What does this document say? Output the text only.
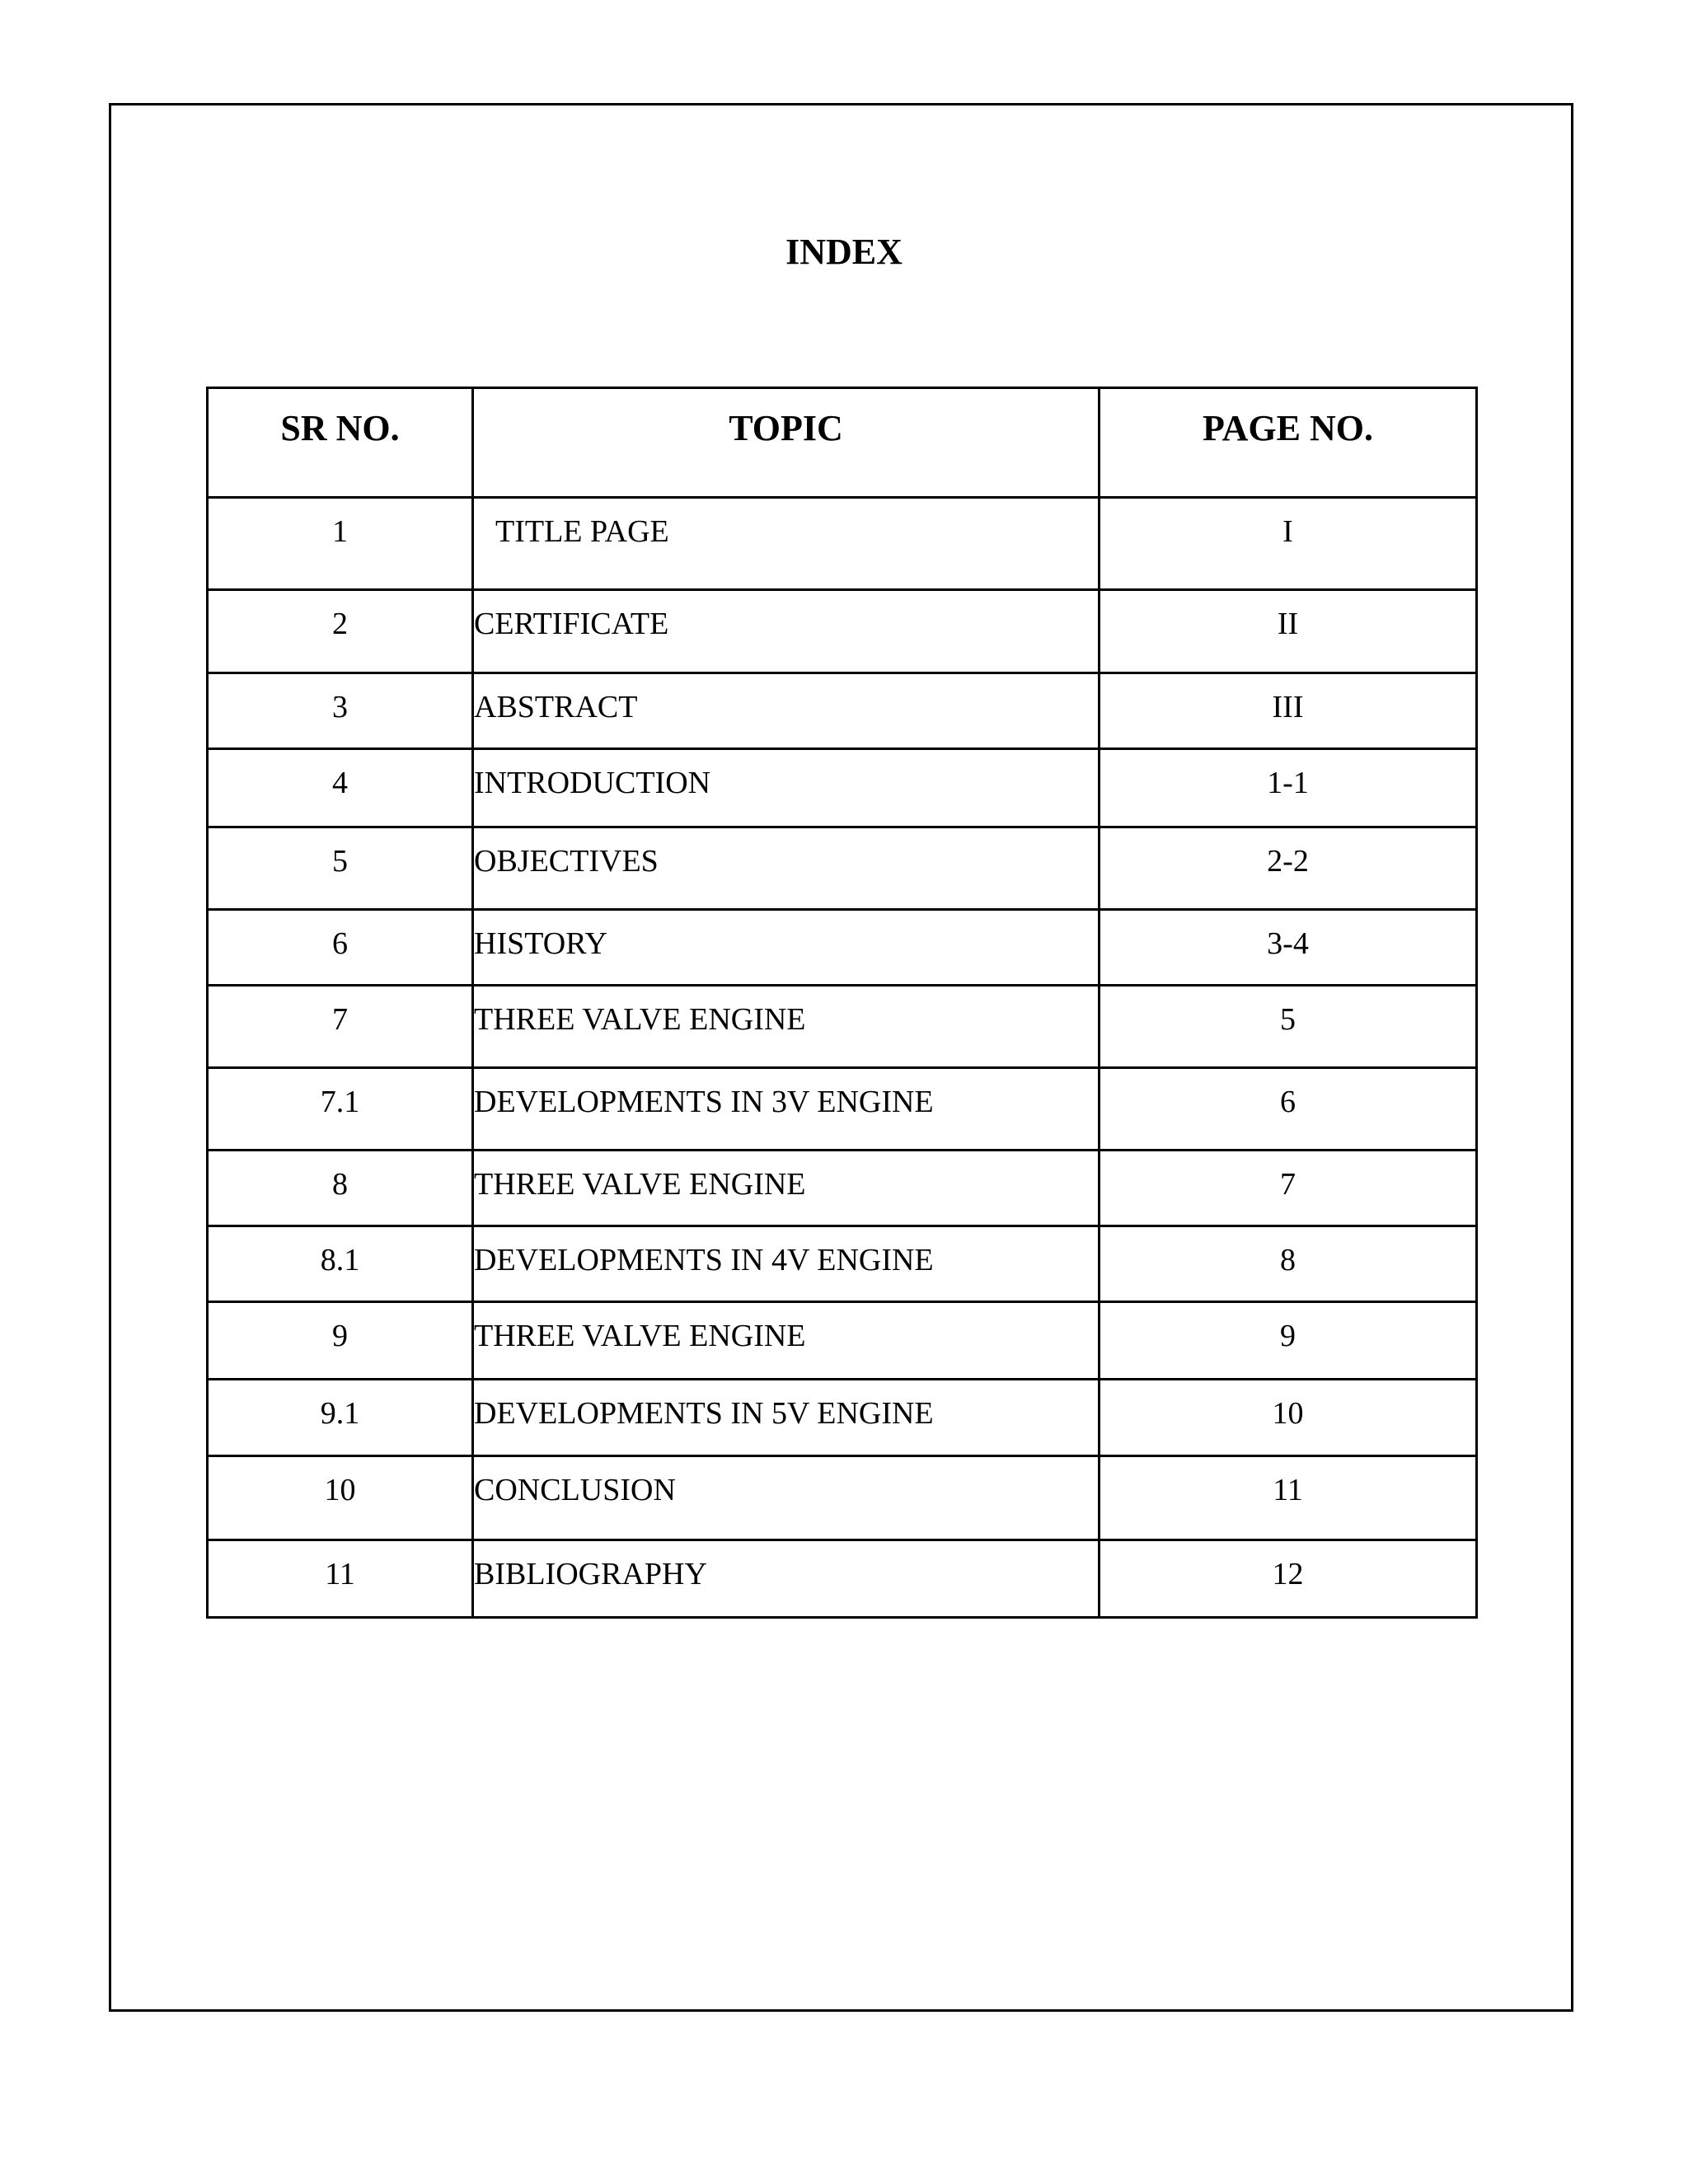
INDEX
SR NO.	TOPIC	PAGE NO.
1	TITLE PAGE	I
2	CERTIFICATE	II
3	ABSTRACT	III
4	INTRODUCTION	1-1
5	OBJECTIVES	2-2
6	HISTORY	3-4
7	THREE VALVE ENGINE	5
7.1	DEVELOPMENTS IN 3V ENGINE	6
8	THREE VALVE ENGINE	7
8.1	DEVELOPMENTS IN 4V ENGINE	8
9	THREE VALVE ENGINE	9
9.1	DEVELOPMENTS IN 5V ENGINE	10
10	CONCLUSION	11
11	BIBLIOGRAPHY	12
